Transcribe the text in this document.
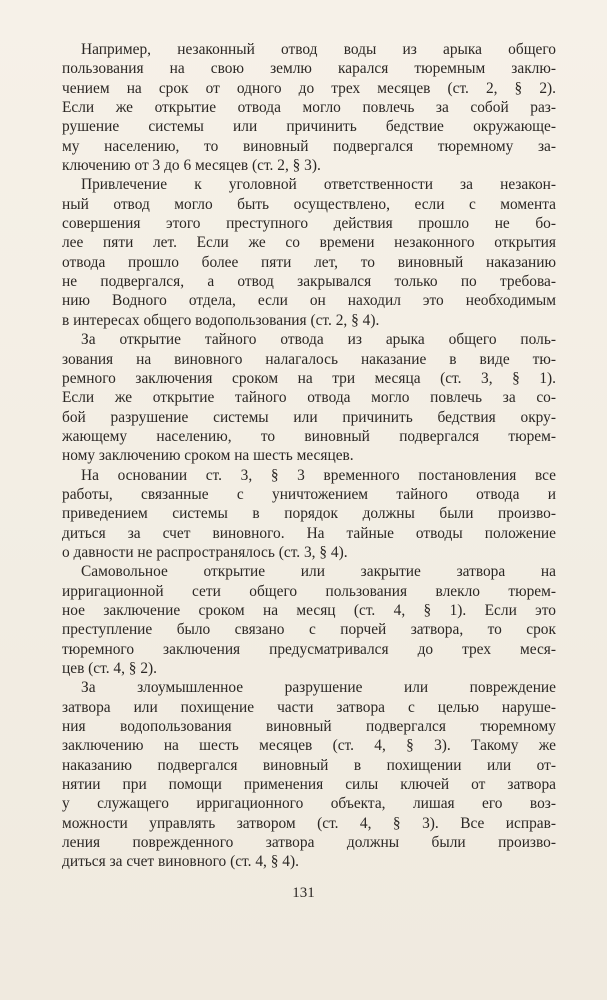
Например, незаконный отвод воды из арыка общего
пользования на свою землю карался тюремным заклю-
чением на срок от одного до трех месяцев (ст. 2, § 2).
Если же открытие отвода могло повлечь за собой раз-
рушение системы или причинить бедствие окружающе-
му населению, то виновный подвергался тюремному за-
ключению от 3 до 6 месяцев (ст. 2, § 3).
Привлечение к уголовной ответственности за незакон-
ный отвод могло быть осуществлено, если с момента
совершения этого преступного действия прошло не бо-
лее пяти лет. Если же со времени незаконного открытия
отвода прошло более пяти лет, то виновный наказанию
не подвергался, а отвод закрывался только по требова-
нию Водного отдела, если он находил это необходимым
в интересах общего водопользования (ст. 2, § 4).
За открытие тайного отвода из арыка общего поль-
зования на виновного налагалось наказание в виде тю-
ремного заключения сроком на три месяца (ст. 3, § 1).
Если же открытие тайного отвода могло повлечь за со-
бой разрушение системы или причинить бедствия окру-
жающему населению, то виновный подвергался тюрем-
ному заключению сроком на шесть месяцев.
На основании ст. 3, § 3 временного постановления все
работы, связанные с уничтожением тайного отвода и
приведением системы в порядок должны были произво-
диться за счет виновного. На тайные отводы положение
о давности не распространялось (ст. 3, § 4).
Самовольное открытие или закрытие затвора на
ирригационной сети общего пользования влекло тюрем-
ное заключение сроком на месяц (ст. 4, § 1). Если это
преступление было связано с порчей затвора, то срок
тюремного заключения предусматривался до трех меся-
цев (ст. 4, § 2).
За злоумышленное разрушение или повреждение
затвора или похищение части затвора с целью наруше-
ния водопользования виновный подвергался тюремному
заключению на шесть месяцев (ст. 4, § 3). Такому же
наказанию подвергался виновный в похищении или от-
нятии при помощи применения силы ключей от затвора
у служащего ирригационного объекта, лишая его воз-
можности управлять затвором (ст. 4, § 3). Все исправ-
ления поврежденного затвора должны были произво-
диться за счет виновного (ст. 4, § 4).
131
